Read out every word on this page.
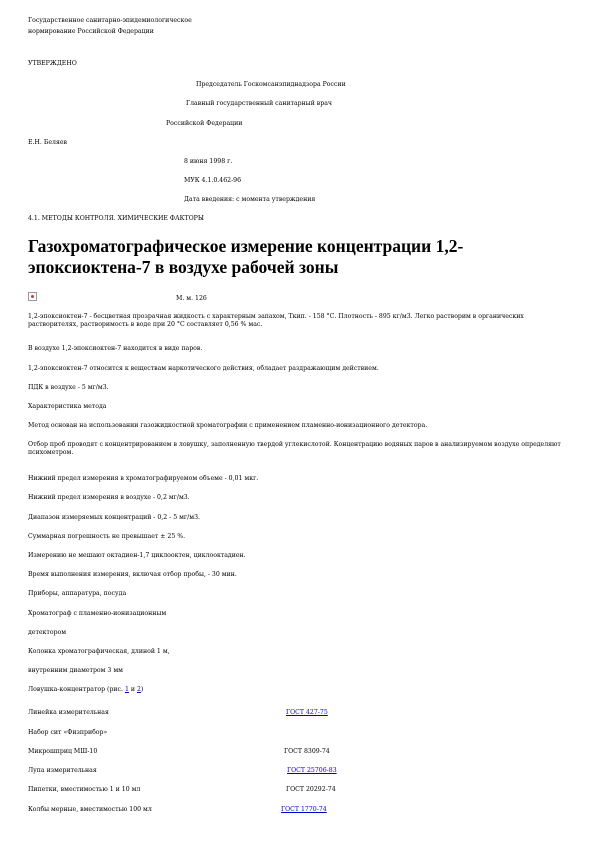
Государственное санитарно-эпидемиологическое
нормирование Российской Федерации
УТВЕРЖДЕНО
Председатель Госкомсанэпиднадзора России
Главный государственный санитарный врач
Российской Федерации
Е.Н. Беляев
8 июня 1998 г.
МУК 4.1.0.462-96
Дата введения: с момента утверждения
4.1. МЕТОДЫ КОНТРОЛЯ. ХИМИЧЕСКИЕ ФАКТОРЫ
Газохроматографическое измерение концентрации 1,2-эпоксиоктена-7 в воздухе рабочей зоны
М. м. 126
1,2-эпоксиоктен-7 - бесцветная прозрачная жидкость с характерным запахом, Ткип. - 158 °С. Плотность - 895 кг/м3. Легко растворим в органических растворителях, растворимость в воде при 20 °С составляет 0,56 % мас.
В воздухе 1,2-эпоксиоктен-7 находится в виде паров.
1,2-эпоксиоктен-7 относится к веществам наркотического действия, обладает раздражающим действием.
ПДК в воздухе - 5 мг/м3.
Характеристика метода
Метод основан на использовании газожидкостной хроматографии с применением пламенно-ионизационного детектора.
Отбор проб проводят с концентрированием в ловушку, заполненную твердой углекислотой. Концентрацию водяных паров в анализируемом воздухе определяют психометром.
Нижний предел измерения в хроматографируемом объеме - 0,01 мкг.
Нижний предел измерения в воздухе - 0,2 мг/м3.
Диапазон измеряемых концентраций - 0,2 - 5 мг/м3.
Суммарная погрешность не превышает ± 25 %.
Измерению не мешают октадиен-1,7 циклооктен, циклооктадиен.
Время выполнения измерения, включая отбор пробы, - 30 мин.
Приборы, аппаратура, посуда
Хроматограф с пламенно-ионизационным
детектором
Колонка хроматографическая, длиной 1 м,
внутренним диаметром 3 мм
Ловушка-концентратор (рис. 1 и 2)
Линейка измерительная	ГОСТ 427-75
Набор сит «Физприбор»
Микрошприц МШ-10	ГОСТ 8309-74
Лупа измерительная	ГОСТ 25706-83
Пипетки, вместимостью 1 и 10 мл	ГОСТ 20292-74
Колбы мерные, вместимостью 100 мл	ГОСТ 1770-74
